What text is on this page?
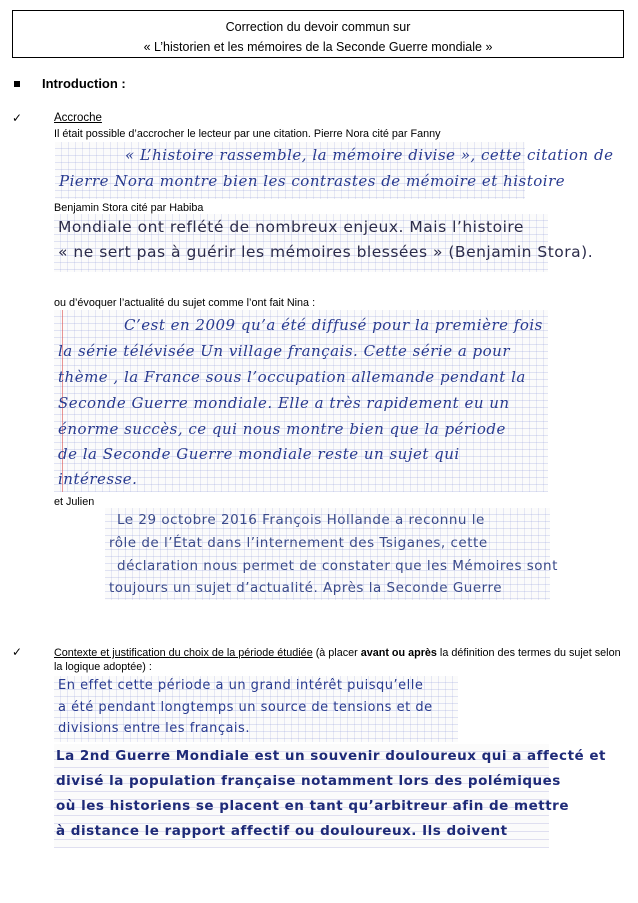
Correction du devoir commun sur
« L’historien et les mémoires de la Seconde Guerre mondiale »
Introduction :
✓	Accroche
Il était possible d’accrocher le lecteur par une citation. Pierre Nora cité par Fanny
« L’histoire rassemble, la mémoire divise », cette citation de
Pierre Nora montre bien les contrastes de mémoire et histoire
Benjamin Stora cité par Habiba
Mondiale ont reflété de nombreux enjeux. Mais l’histoire
« ne sert pas à guérir les mémoires blessées » (Benjamin Stora).
ou d’évoquer l’actualité du sujet comme l’ont fait Nina :
C’est en 2009 qu’a été diffusé pour la première fois
la série télévisée Un village français. Cette série a pour
thème , la France sous l’occupation allemande pendant la
Seconde Guerre mondiale. Elle a très rapidement eu un
énorme succès, ce qui nous montre bien que la période
de la Seconde Guerre mondiale reste un sujet qui
intéresse.
et Julien
Le 29 octobre 2016 François Hollande a reconnu le
rôle de l’État dans l’internement des Tsiganes, cette
déclaration nous permet de constater que les Mémoires sont
toujours un sujet d’actualité. Après la Seconde Guerre
✓	Contexte et justification du choix de la période étudiée (à placer avant ou après la définition des termes du sujet selon
la logique adoptée) :
En effet cette période a un grand intérêt puisqu’elle
a été pendant longtemps un source de tensions et de
divisions entre les français.
La 2nd Guerre Mondiale est un souvenir douloureux qui a affecté et
divisé la population française notamment lors des polémiques
où les historiens se placent en tant qu’arbitreur afin de mettre
à distance le rapport affectif ou douloureux. Ils doivent
